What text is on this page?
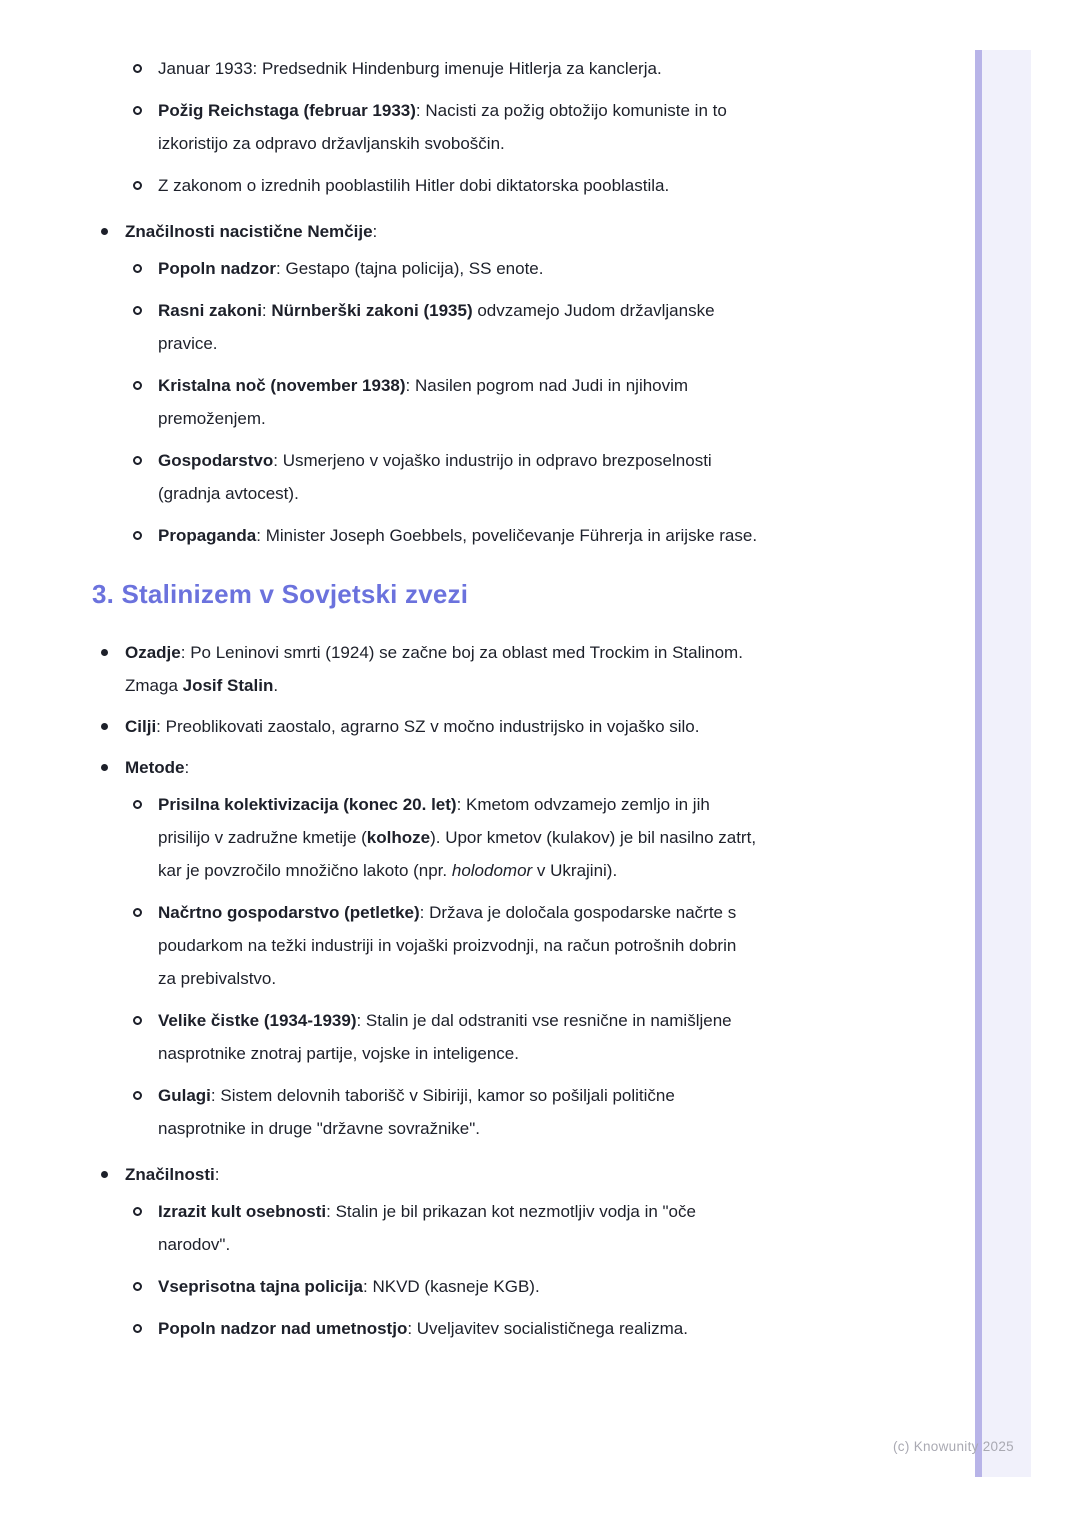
Januar 1933: Predsednik Hindenburg imenuje Hitlerja za kanclerja.
Požig Reichstaga (februar 1933): Nacisti za požig obtožijo komuniste in to izkoristijo za odpravo državljanskih svoboščin.
Z zakonom o izrednih pooblastilih Hitler dobi diktatorska pooblastila.
Značilnosti nacistične Nemčije:
Popoln nadzor: Gestapo (tajna policija), SS enote.
Rasni zakoni: Nürnberški zakoni (1935) odvzamejo Judom državljanske pravice.
Kristalna noč (november 1938): Nasilen pogrom nad Judi in njihovim premoženjem.
Gospodarstvo: Usmerjeno v vojaško industrijo in odpravo brezposelnosti (gradnja avtocest).
Propaganda: Minister Joseph Goebbels, poveličevanje Führerja in arijske rase.
3. Stalinizem v Sovjetski zvezi
Ozadje: Po Leninovi smrti (1924) se začne boj za oblast med Trockim in Stalinom. Zmaga Josif Stalin.
Cilji: Preoblikovati zaostalo, agrarno SZ v močno industrijsko in vojaško silo.
Metode:
Prisilna kolektivizacija (konec 20. let): Kmetom odvzamejo zemljo in jih prisilijo v zadružne kmetije (kolhoze). Upor kmetov (kulakov) je bil nasilno zatrt, kar je povzročilo množično lakoto (npr. holodomor v Ukrajini).
Načrtno gospodarstvo (petletke): Država je določala gospodarske načrte s poudarkom na težki industriji in vojaški proizvodnji, na račun potrošnih dobrin za prebivalstvo.
Velike čistke (1934-1939): Stalin je dal odstraniti vse resnične in namišljene nasprotnike znotraj partije, vojske in inteligence.
Gulagi: Sistem delovnih taborišč v Sibiriji, kamor so pošiljali politične nasprotnike in druge "državne sovražnike".
Značilnosti:
Izrazit kult osebnosti: Stalin je bil prikazan kot nezmotljiv vodja in "oče narodov".
Vseprisotna tajna policija: NKVD (kasneje KGB).
Popoln nadzor nad umetnostjo: Uveljavitev socialističnega realizma.
(c) Knowunity 2025
